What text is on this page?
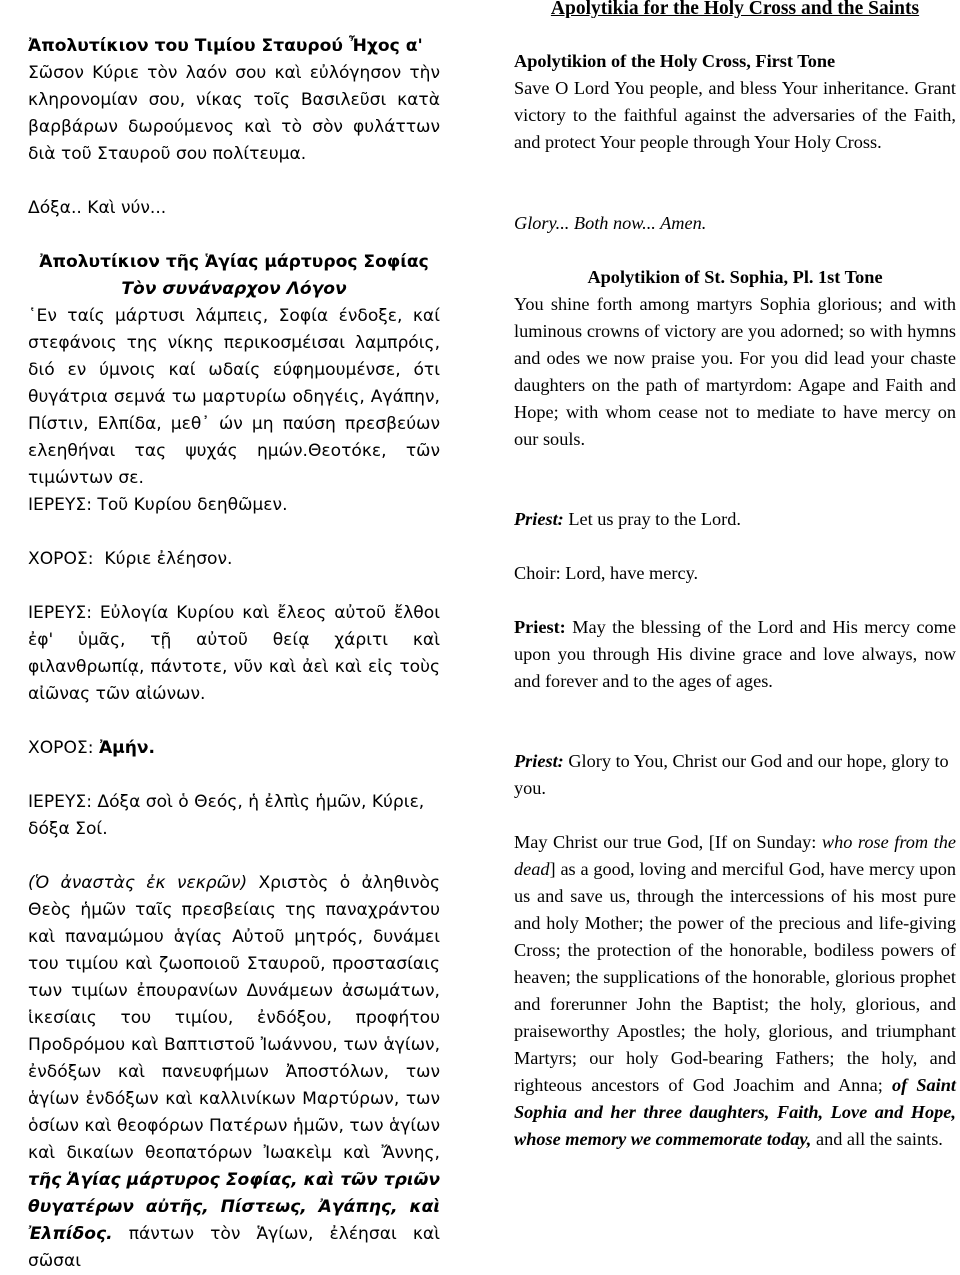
Ἀπολυτίκιον του Τιμίου Σταυρού Ἦχος α'

Σῶσον Κύριε τὸν λαόν σου καὶ εὐλόγησον τὴν κληρονομίαν σου, νίκας τοῖς Βασιλεῦσι κατὰ βαρβάρων δωρούμενος καὶ τὸ σὸν φυλάττων διὰ τοῦ Σταυροῦ σου πολίτευμα.

Δόξα.. Καὶ νύν...

Ἀπολυτίκιον τῆς Ἁγίας μάρτυρος Σοφίας

Τὸν συνάναρχον Λόγον

῾Εν ταίς μάρτυσι λάμπεις, Σοφία ένδοξε, καί στεφάνοις της νίκης περικοσμέισαι λαμπρόις, διό εν ύμνοις καί ωδαίς εύφημουμένσε, ότι θυγάτρια σεμνά τω μαρτυρίω οδηγέις, Αγάπην, Πίστιν, Ελπίδα, μεθ᾽ ών μη παύση πρεσβεύων ελεηθήναι τας ψυχάς ημών.Θεοτόκε, τῶν τιμώντων σε.

ΙΕΡΕΥΣ: Τοῦ Κυρίου δεηθῶμεν.

ΧΟΡΟΣ: Κύριε ἐλέησον.

ΙΕΡΕΥΣ: Εὐλογία Κυρίου καὶ ἔλεος αὐτοῦ ἔλθοι ἐφ' ὑμᾶς, τῇ αὐτοῦ θείᾳ χάριτι καὶ φιλανθρωπίᾳ, πάντοτε, νῦν καὶ ἀεὶ καὶ εἰς τοὺς αἰῶνας τῶν αἰώνων.

ΧΟΡΟΣ: Ἀμήν.

ΙΕΡΕΥΣ: Δόξα σοὶ ὁ Θεός, ἡ ἐλπὶς ἡμῶν, Κύριε, δόξα Σοί.

(Ὁ ἀναστὰς ἐκ νεκρῶν) Χριστὸς ὁ ἀληθινὸς Θεὸς ἡμῶν ταῖς πρεσβείαις της παναχράντου καὶ παναμώμου ἁγίας Αὐτοῦ μητρός, δυνάμει του τιμίου καὶ ζωοποιοῦ Σταυροῦ, προστασίαις των τιμίων ἐπουρανίων Δυνάμεων ἀσωμάτων, ἱκεσίαις του τιμίου, ἐνδόξου, προφήτου Προδρόμου καὶ Βαπτιστοῦ Ἰωάννου, των ἁγίων, ἐνδόξων καὶ πανευφήμων Ἀποστόλων, των ἁγίων ἐνδόξων καὶ καλλινίκων Μαρτύρων, των ὁσίων καὶ θεοφόρων Πατέρων ἡμῶν, των ἁγίων καὶ δικαίων θεοπατόρων Ἰωακεὶμ καὶ Ἄννης, τῆς Ἁγίας μάρτυρος Σοφίας, καὶ τῶν τριῶν θυγατέρων αὐτῆς, Πίστεως, Ἀγάπης, καὶ Ἐλπίδος. πάντων τὸν Ἁγίων, ἐλέησαι καὶ σῶσαι

Apolytikia for the Holy Cross and the Saints

Apolytikion of the Holy Cross, First Tone

Save O Lord You people, and bless Your inheritance. Grant victory to the faithful against the adversaries of the Faith, and protect Your people through Your Holy Cross.

Glory... Both now... Amen.

Apolytikion of St. Sophia, Pl. 1st Tone

You shine forth among martyrs Sophia glorious; and with luminous crowns of victory are you adorned; so with hymns and odes we now praise you. For you did lead your chaste daughters on the path of martyrdom: Agape and Faith and Hope; with whom cease not to mediate to have mercy on our souls.

Priest: Let us pray to the Lord.

Choir: Lord, have mercy.

Priest: May the blessing of the Lord and His mercy come upon you through His divine grace and love always, now and forever and to the ages of ages.

Priest: Glory to You, Christ our God and our hope, glory to you.

May Christ our true God, [If on Sunday: who rose from the dead] as a good, loving and merciful God, have mercy upon us and save us, through the intercessions of his most pure and holy Mother; the power of the precious and life-giving Cross; the protection of the honorable, bodiless powers of heaven; the supplications of the honorable, glorious prophet and forerunner John the Baptist; the holy, glorious, and praiseworthy Apostles; the holy, glorious, and triumphant Martyrs; our holy God-bearing Fathers; the holy, and righteous ancestors of God Joachim and Anna; of Saint Sophia and her three daughters, Faith, Love and Hope, whose memory we commemorate today, and all the saints.
